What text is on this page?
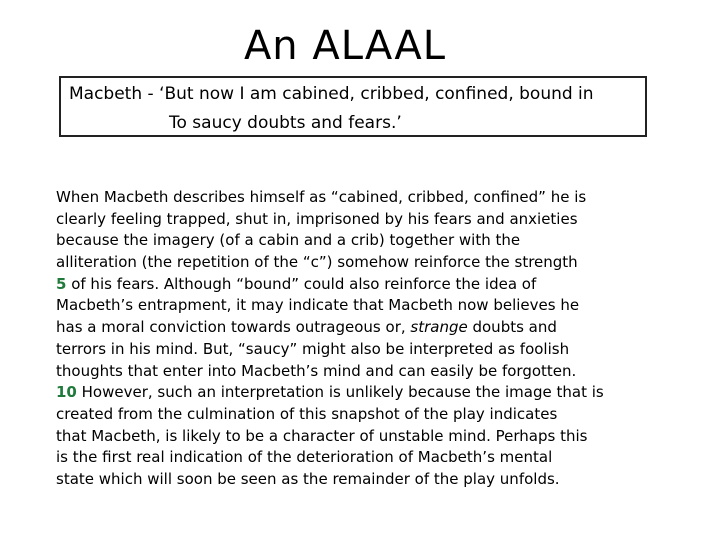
An ALAAL
Macbeth - ‘But now I am cabined, cribbed, confined, bound in
To saucy doubts and fears.’
When Macbeth describes himself as “cabined, cribbed, confined” he is
clearly feeling trapped, shut in, imprisoned by his fears and anxieties
because the imagery (of a cabin and a crib) together with the
alliteration (the repetition of the “c”) somehow reinforce the strength
5 of his fears. Although “bound” could also reinforce the idea of
Macbeth’s entrapment, it may indicate that Macbeth now believes he
has a moral conviction towards outrageous or, strange doubts and
terrors in his mind. But, “saucy” might also be interpreted as foolish
thoughts that enter into Macbeth’s mind and can easily be forgotten.
10 However, such an interpretation is unlikely because the image that is
created from the culmination of this snapshot of the play indicates
that Macbeth, is likely to be a character of unstable mind. Perhaps this
is the first real indication of the deterioration of Macbeth’s mental
state which will soon be seen as the remainder of the play unfolds.
